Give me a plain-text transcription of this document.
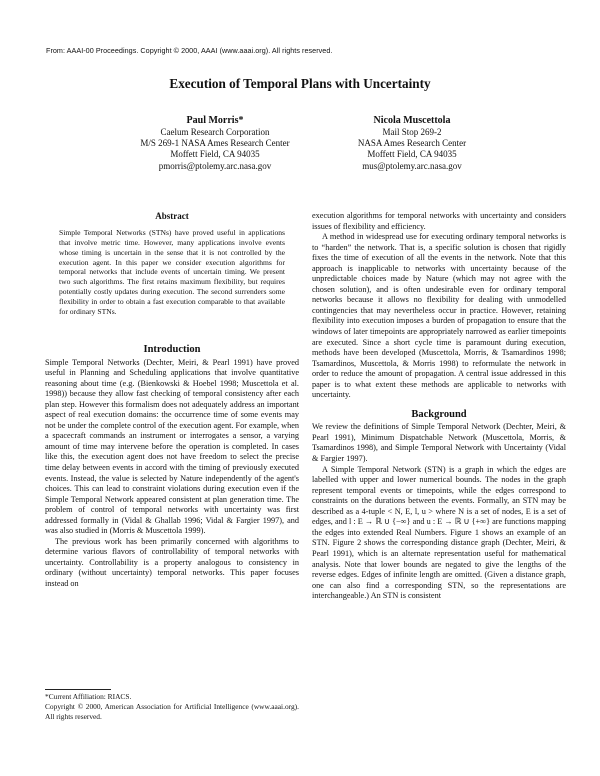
From: AAAI-00 Proceedings. Copyright © 2000, AAAI (www.aaai.org). All rights reserved.
Execution of Temporal Plans with Uncertainty
Paul Morris*
Caelum Research Corporation
M/S 269-1 NASA Ames Research Center
Moffett Field, CA 94035
pmorris@ptolemy.arc.nasa.gov
Nicola Muscettola
Mail Stop 269-2
NASA Ames Research Center
Moffett Field, CA 94035
mus@ptolemy.arc.nasa.gov
Abstract
Simple Temporal Networks (STNs) have proved useful in applications that involve metric time. However, many applications involve events whose timing is uncertain in the sense that it is not controlled by the execution agent. In this paper we consider execution algorithms for temporal networks that include events of uncertain timing. We present two such algorithms. The first retains maximum flexibility, but requires potentially costly updates during execution. The second surrenders some flexibility in order to obtain a fast execution comparable to that available for ordinary STNs.

Introduction

Simple Temporal Networks (Dechter, Meiri, & Pearl 1991) have proved useful in Planning and Scheduling applications that involve quantitative reasoning about time (e.g. (Bienkowski & Hoebel 1998; Muscettola et al. 1998)) because they allow fast checking of temporal consistency after each plan step. However this formalism does not adequately address an important aspect of real execution domains: the occurrence time of some events may not be under the complete control of the execution agent. For example, when a spacecraft commands an instrument or interrogates a sensor, a varying amount of time may intervene before the operation is completed. In cases like this, the execution agent does not have freedom to select the precise time delay between events in accord with the timing of previously executed events. Instead, the value is selected by Nature independently of the agent's choices. This can lead to constraint violations during execution even if the Simple Temporal Network appeared consistent at plan generation time. The problem of control of temporal networks with uncertainty was first addressed formally in (Vidal & Ghallab 1996; Vidal & Fargier 1997), and was also studied in (Morris & Muscettola 1999).

The previous work has been primarily concerned with algorithms to determine various flavors of controllability of temporal networks with uncertainty. Controllability is a property analogous to consistency in ordinary (without uncertainty) temporal networks. This paper focuses instead on

execution algorithms for temporal networks with uncertainty and considers issues of flexibility and efficiency.

A method in widespread use for executing ordinary temporal networks is to “harden” the network. That is, a specific solution is chosen that rigidly fixes the time of execution of all the events in the network. Note that this approach is inapplicable to networks with uncertainty because of the unpredictable choices made by Nature (which may not agree with the chosen solution), and is often undesirable even for ordinary temporal networks because it allows no flexibility for dealing with unmodelled contingencies that may nevertheless occur in practice. However, retaining flexibility into execution imposes a burden of propagation to ensure that the windows of later timepoints are appropriately narrowed as earlier timepoints are executed. Since a short cycle time is paramount during execution, methods have been developed (Muscettola, Morris, & Tsamardinos 1998; Tsamardinos, Muscettola, & Morris 1998) to reformulate the network in order to reduce the amount of propagation. A central issue addressed in this paper is to what extent these methods are applicable to networks with uncertainty.

Background

We review the definitions of Simple Temporal Network (Dechter, Meiri, & Pearl 1991), Minimum Dispatchable Network (Muscettola, Morris, & Tsamardinos 1998), and Simple Temporal Network with Uncertainty (Vidal & Fargier 1997).

A Simple Temporal Network (STN) is a graph in which the edges are labelled with upper and lower numerical bounds. The nodes in the graph represent temporal events or timepoints, while the edges correspond to constraints on the durations between the events. Formally, an STN may be described as a 4-tuple < N, E, l, u > where N is a set of nodes, E is a set of edges, and l : E → ℝ ∪ {−∞} and u : E → ℝ ∪ {+∞} are functions mapping the edges into extended Real Numbers. Figure 1 shows an example of an STN. Figure 2 shows the corresponding distance graph (Dechter, Meiri, & Pearl 1991), which is an alternate representation useful for mathematical analysis. Note that lower bounds are negated to give the lengths of the reverse edges. Edges of infinite length are omitted. (Given a distance graph, one can also find a corresponding STN, so the representations are interchangeable.) An STN is consistent

*Current Affiliation: RIACS.
Copyright © 2000, American Association for Artificial Intelligence (www.aaai.org). All rights reserved.
